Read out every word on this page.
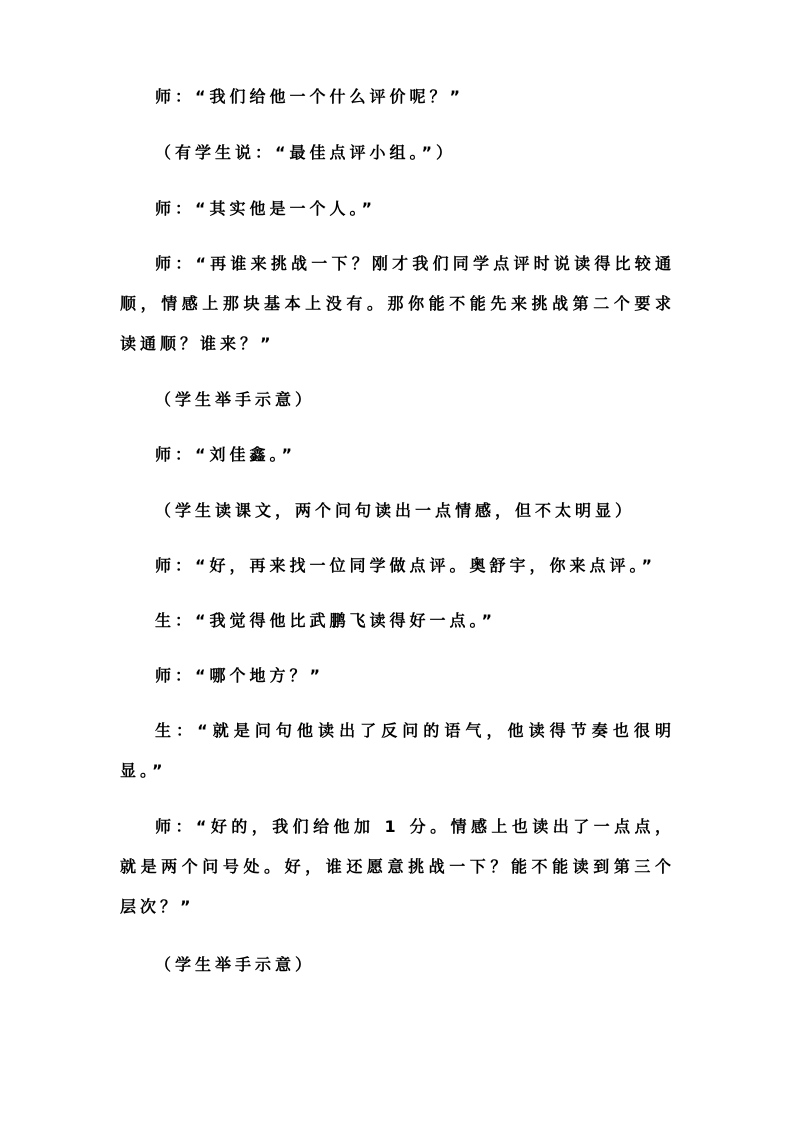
师：“我们给他一个什么评价呢？”

（有学生说：“最佳点评小组。”）

师：“其实他是一个人。”

师：“再谁来挑战一下？刚才我们同学点评时说读得比较通顺，情感上那块基本上没有。那你能不能先来挑战第二个要求读通顺？谁来？”

（学生举手示意）

师：“刘佳鑫。”

（学生读课文，两个问句读出一点情感，但不太明显）

师：“好，再来找一位同学做点评。奥舒宇，你来点评。”

生：“我觉得他比武鹏飞读得好一点。”

师：“哪个地方？”

生：“就是问句他读出了反问的语气，他读得节奏也很明显。”

师：“好的，我们给他加 1 分。情感上也读出了一点点，就是两个问号处。好，谁还愿意挑战一下？能不能读到第三个层次？”

（学生举手示意）
